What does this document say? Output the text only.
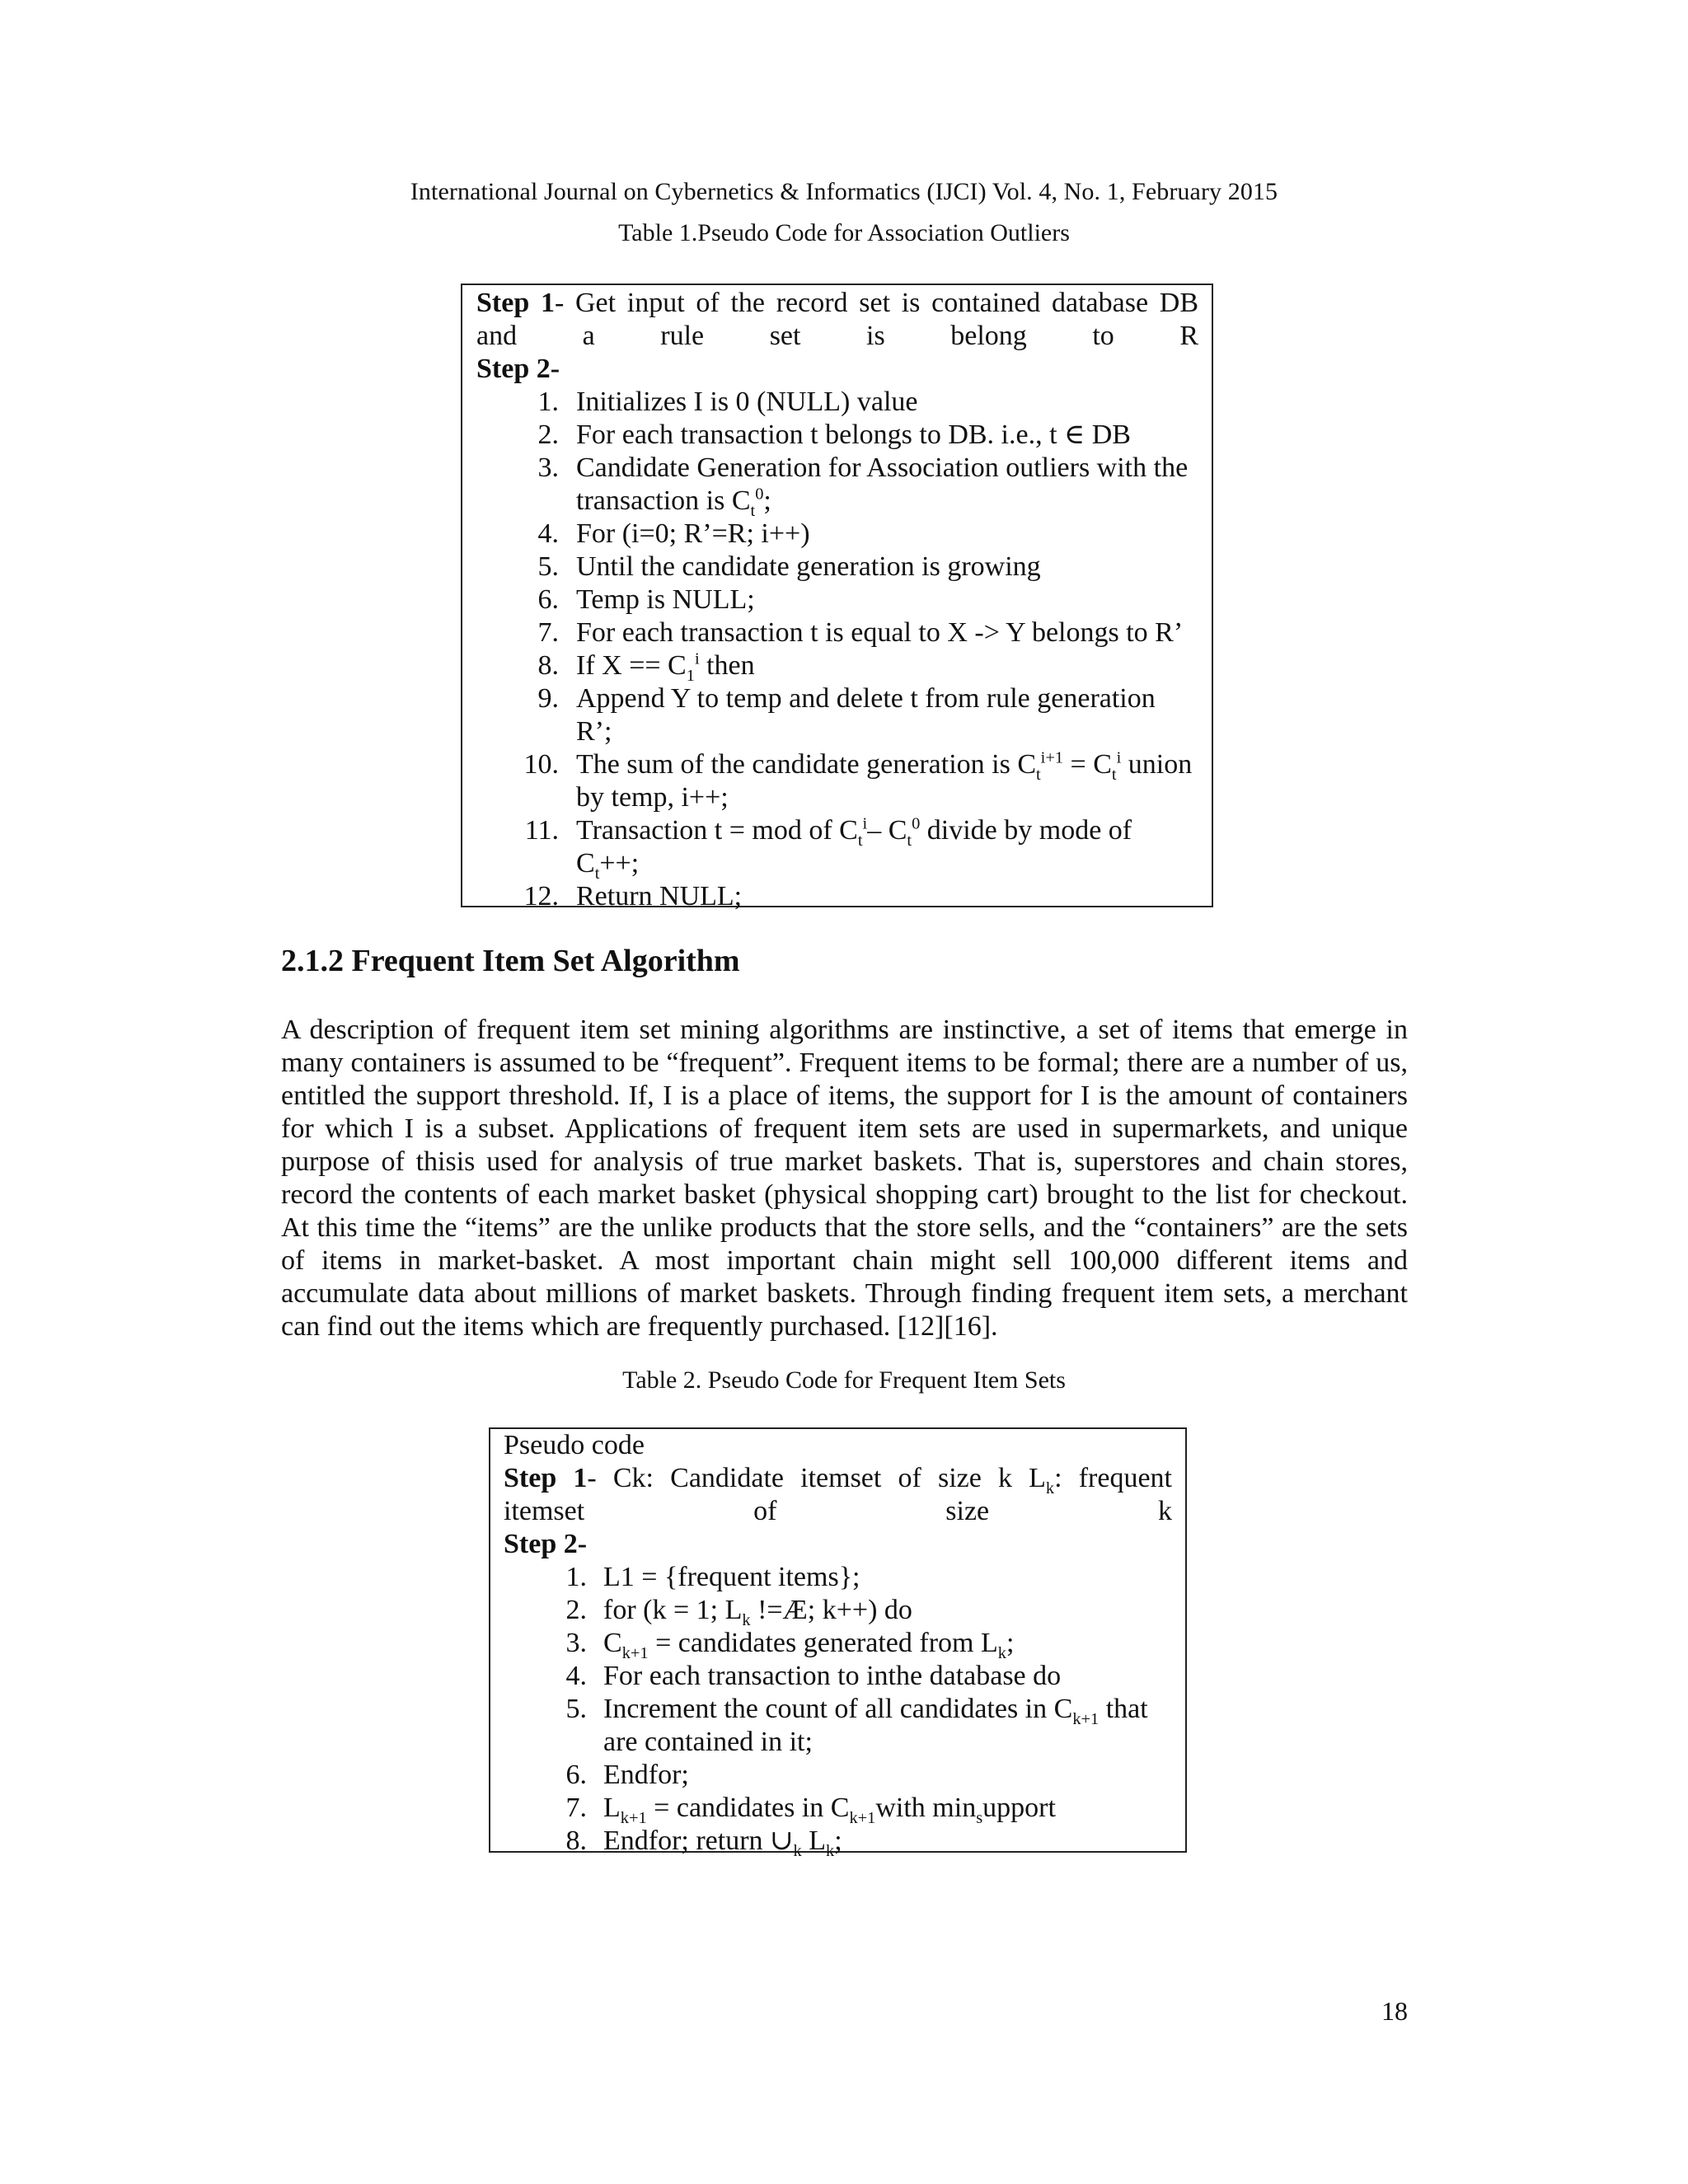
International Journal on Cybernetics & Informatics (IJCI) Vol. 4, No. 1, February 2015
Table 1.Pseudo Code for Association Outliers
Step 1- Get input of the record set is contained database DB and a rule set is belong to R
Step 2-
1. Initializes I is 0 (NULL) value
2. For each transaction t belongs to DB. i.e., t ∈ DB
3. Candidate Generation for Association outliers with the
transaction is $C_t^0$;
4. For (i=0; R’=R; i++)
5. Until the candidate generation is growing
6. Temp is NULL;
7. For each transaction t is equal to X -> Y belongs to R’
8. If $X == C_1^i$ then
9. Append Y to temp and delete t from rule generation
R’;
10. The sum of the candidate generation is $C_t^{i+1} = C_t^i$ union
by temp, i++;
11. Transaction t = mod of $C_t^i-$ $C_t^0$ divide by mode of
$C_t++$;
12. Return NULL;
2.1.2 Frequent Item Set Algorithm
A description of frequent item set mining algorithms are instinctive, a set of items that emerge in many containers is assumed to be “frequent”. Frequent items to be formal; there are a number of us, entitled the support threshold. If, I is a place of items, the support for I is the amount of containers for which I is a subset. Applications of frequent item sets are used in supermarkets, and unique purpose of thisis used for analysis of true market baskets. That is, superstores and chain stores, record the contents of each market basket (physical shopping cart) brought to the list for checkout. At this time the “items” are the unlike products that the store sells, and the “containers” are the sets of items in market-basket. A most important chain might sell 100,000 different items and accumulate data about millions of market baskets. Through finding frequent item sets, a merchant can find out the items which are frequently purchased. [12][16].
Table 2. Pseudo Code for Frequent Item Sets
Pseudo code
Step 1- Ck: Candidate itemset of size k $L_k$: frequent itemset of size k
Step 2-
1. L1 = {frequent items};
2. for (k = 1; $L_k$ !=Æ; k++) do
3. $C_{k+1}$ = candidates generated from $L_k$;
4. For each transaction to inthe database do
5. Increment the count of all candidates in $C_{k+1}$ that
are contained in it;
6. Endfor;
7. $L_{k+1}$ = candidates in $C_{k+1}with$ $\min_support$
8. Endfor; return $\cup_k$ $L_k$;
18
